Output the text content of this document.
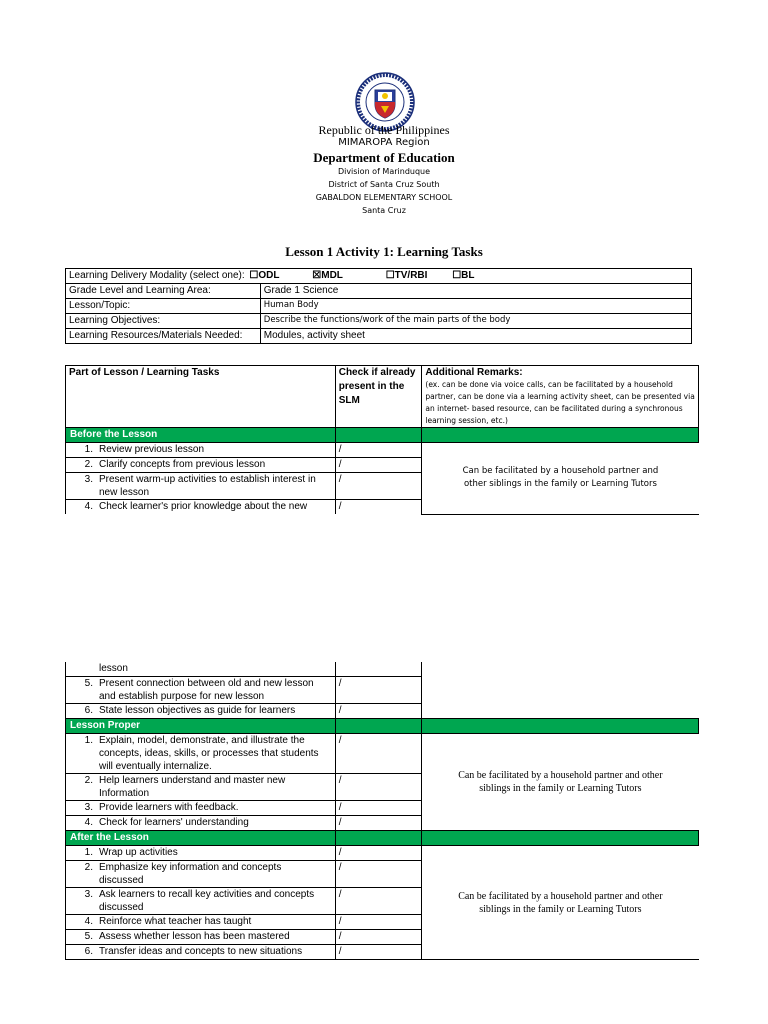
Republic of the Philippines
MIMAROPA Region
Department of Education
Division of Marinduque
District of Santa Cruz South
GABALDON ELEMENTARY SCHOOL
Santa Cruz
Lesson 1 Activity 1: Learning Tasks
Learning Delivery Modality (select one): ☐ODL ☒MDL ☐TV/RBI ☐BL	
Grade Level and Learning Area:	Grade 1 Science
Lesson/Topic:	Human Body
Learning Objectives:	Describe the functions/work of the main parts of the body
Learning Resources/Materials Needed:	Modules, activity sheet
Part of Lesson / Learning Tasks	Check if already present in the SLM	Additional Remarks:
(ex. can be done via voice calls, can be facilitated by a household partner, can be done via a learning activity sheet, can be presented via an internet- based resource, can be facilitated during a synchronous learning session, etc.)

Before the Lesson		
1. Review previous lesson	/	Can be facilitated by a household partner and other siblings in the family or Learning Tutors
2. Clarify concepts from previous lesson	/	
3. Present warm-up activities to establish interest in new lesson	/	
4. Check learner's prior knowledge about the new	/	
lesson		
5. Present connection between old and new lesson and establish purpose for new lesson	/	
6. State lesson objectives as guide for learners	/	
Lesson Proper		
1. Explain, model, demonstrate, and illustrate the concepts, ideas, skills, or processes that students will eventually internalize.	/	Can be facilitated by a household partner and other siblings in the family or Learning Tutors
2. Help learners understand and master new Information	/	
3. Provide learners with feedback.	/	
4. Check for learners' understanding	/	
After the Lesson		
1. Wrap up activities	/	Can be facilitated by a household partner and other siblings in the family or Learning Tutors
2. Emphasize key information and concepts discussed	/	
3. Ask learners to recall key activities and concepts discussed	/	
4. Reinforce what teacher has taught	/	
5. Assess whether lesson has been mastered	/	
6. Transfer ideas and concepts to new situations	/	
